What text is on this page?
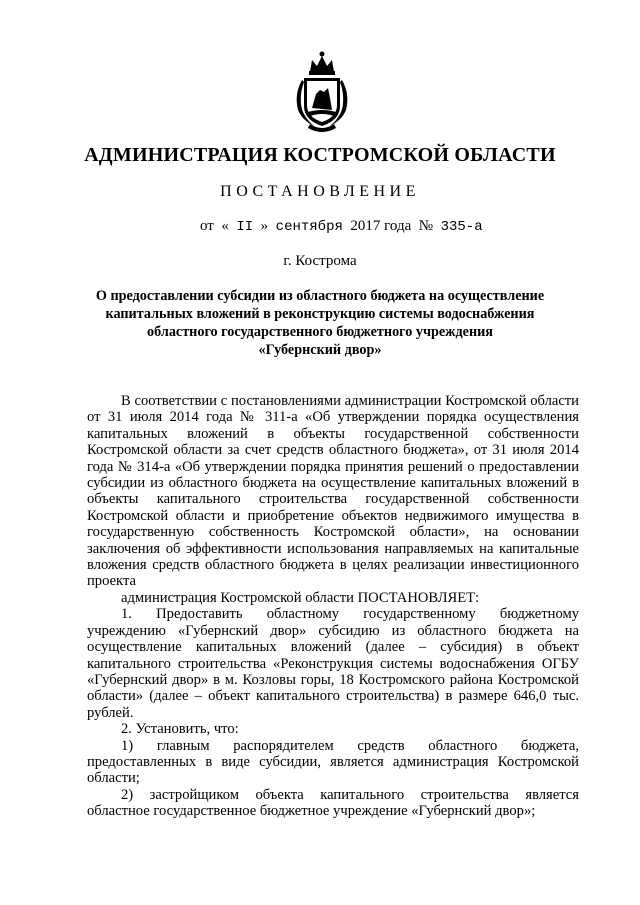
АДМИНИСТРАЦИЯ КОСТРОМСКОЙ ОБЛАСТИ
ПОСТАНОВЛЕНИЕ
от « II » сентября 2017 года № 335-а
г. Кострома
О предоставлении субсидии из областного бюджета на осуществление
капитальных вложений в реконструкцию системы водоснабжения
областного государственного бюджетного учреждения
«Губернский двор»

В соответствии с постановлениями администрации Костромской области от 31 июля 2014 года № 311-а «Об утверждении порядка осуществления капитальных вложений в объекты государственной собственности Костромской области за счет средств областного бюджета», от 31 июля 2014 года № 314-а «Об утверждении порядка принятия решений о предоставлении субсидии из областного бюджета на осуществление капитальных вложений в объекты капитального строительства государственной собственности Костромской области и приобретение объектов недвижимого имущества в государственную собственность Костромской области», на основании заключения об эффективности использования направляемых на капитальные вложения средств областного бюджета в целях реализации инвестиционного проекта

администрация Костромской области ПОСТАНОВЛЯЕТ:

1. Предоставить областному государственному бюджетному учреждению «Губернский двор» субсидию из областного бюджета на осуществление капитальных вложений (далее – субсидия) в объект капитального строительства «Реконструкция системы водоснабжения ОГБУ «Губернский двор» в м. Козловы горы, 18 Костромского района Костромской области» (далее – объект капитального строительства) в размере 646,0 тыс. рублей.

2. Установить, что:

1) главным распорядителем средств областного бюджета, предоставленных в виде субсидии, является администрация Костромской области;

2) застройщиком объекта капитального строительства является областное государственное бюджетное учреждение «Губернский двор»;
